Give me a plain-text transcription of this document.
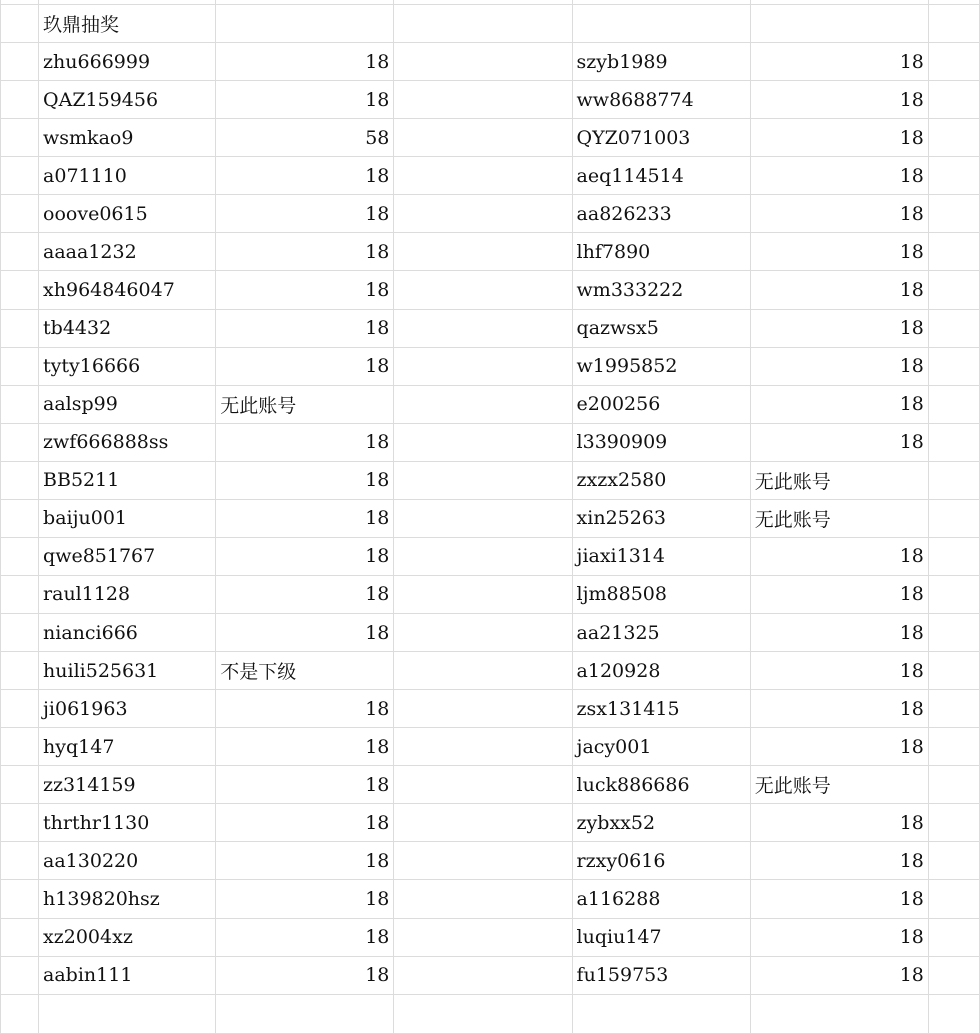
	玖鼎抽奖					
	zhu666999	18		szyb1989	18	
	QAZ159456	18		ww8688774	18	
	wsmkao9	58		QYZ071003	18	
	a071110	18		aeq114514	18	
	ooove0615	18		aa826233	18	
	aaaa1232	18		lhf7890	18	
	xh964846047	18		wm333222	18	
	tb4432	18		qazwsx5	18	
	tyty16666	18		w1995852	18	
	aalsp99	无此账号		e200256	18	
	zwf666888ss	18		l3390909	18	
	BB5211	18		zxzx2580	无此账号	
	baiju001	18		xin25263	无此账号	
	qwe851767	18		jiaxi1314	18	
	raul1128	18		ljm88508	18	
	nianci666	18		aa21325	18	
	huili525631	不是下级		a120928	18	
	ji061963	18		zsx131415	18	
	hyq147	18		jacy001	18	
	zz314159	18		luck886686	无此账号	
	thrthr1130	18		zybxx52	18	
	aa130220	18		rzxy0616	18	
	h139820hsz	18		a116288	18	
	xz2004xz	18		luqiu147	18	
	aabin111	18		fu159753	18	
